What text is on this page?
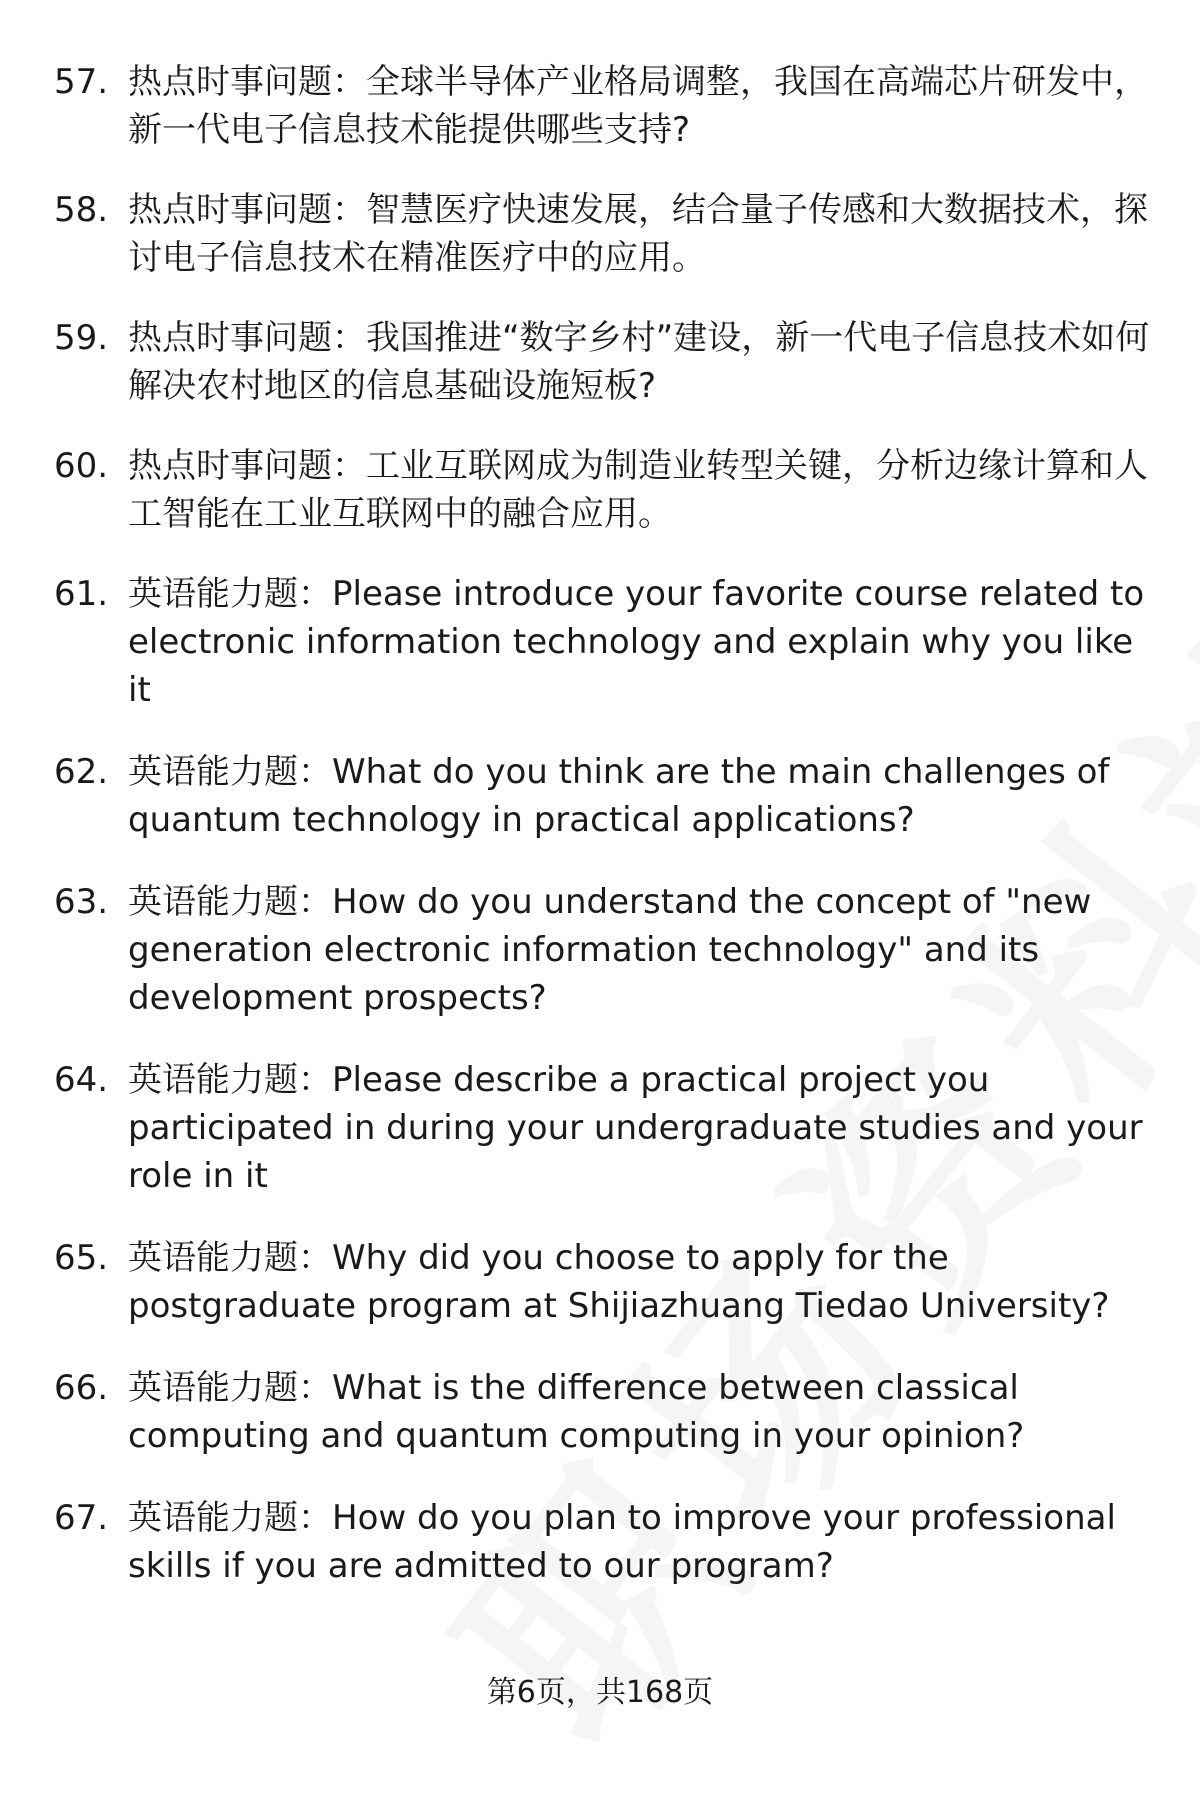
57. 热点时事问题：全球半导体产业格局调整，我国在高端芯片研发中，新一代电子信息技术能提供哪些支持?
58. 热点时事问题：智慧医疗快速发展，结合量子传感和大数据技术，探讨电子信息技术在精准医疗中的应用。
59. 热点时事问题：我国推进“数字乡村”建设，新一代电子信息技术如何解决农村地区的信息基础设施短板?
60. 热点时事问题：工业互联网成为制造业转型关键，分析边缘计算和人工智能在工业互联网中的融合应用。
61. 英语能力题：Please introduce your favorite course related to electronic information technology and explain why you like it
62. 英语能力题：What do you think are the main challenges of quantum technology in practical applications?
63. 英语能力题：How do you understand the concept of "new generation electronic information technology" and its development prospects?
64. 英语能力题：Please describe a practical project you participated in during your undergraduate studies and your role in it
65. 英语能力题：Why did you choose to apply for the postgraduate program at Shijiazhuang Tiedao University?
66. 英语能力题：What is the difference between classical computing and quantum computing in your opinion?
67. 英语能力题：How do you plan to improve your professional skills if you are admitted to our program?
第6页，共168页
